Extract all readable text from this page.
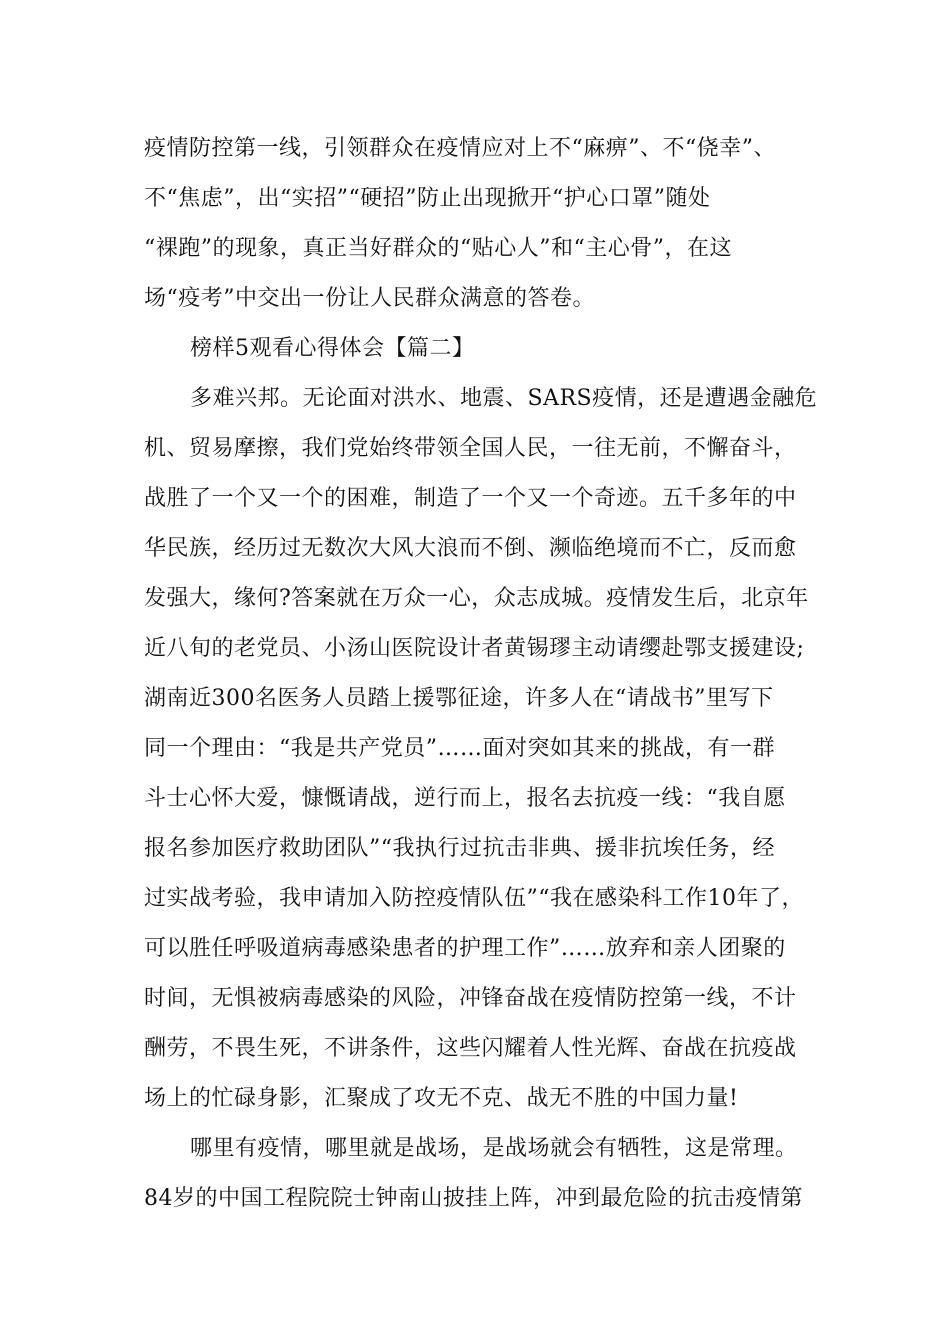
疫情防控第一线，引领群众在疫情应对上不“麻痹”、不“侥幸”、
不“焦虑”，出“实招”“硬招”防止出现掀开“护心口罩”随处
“裸跑”的现象，真正当好群众的“贴心人”和“主心骨”，在这
场“疫考”中交出一份让人民群众满意的答卷。
榜样5观看心得体会【篇二】
多难兴邦。无论面对洪水、地震、SARS疫情，还是遭遇金融危
机、贸易摩擦，我们党始终带领全国人民，一往无前，不懈奋斗，
战胜了一个又一个的困难，制造了一个又一个奇迹。五千多年的中
华民族，经历过无数次大风大浪而不倒、濒临绝境而不亡，反而愈
发强大，缘何?答案就在万众一心，众志成城。疫情发生后，北京年
近八旬的老党员、小汤山医院设计者黄锡璆主动请缨赴鄂支援建设;
湖南近300名医务人员踏上援鄂征途，许多人在“请战书”里写下
同一个理由：“我是共产党员”……面对突如其来的挑战，有一群
斗士心怀大爱，慷慨请战，逆行而上，报名去抗疫一线：“我自愿
报名参加医疗救助团队”“我执行过抗击非典、援非抗埃任务，经
过实战考验，我申请加入防控疫情队伍”“我在感染科工作10年了，
可以胜任呼吸道病毒感染患者的护理工作”……放弃和亲人团聚的
时间，无惧被病毒感染的风险，冲锋奋战在疫情防控第一线，不计
酬劳，不畏生死，不讲条件，这些闪耀着人性光辉、奋战在抗疫战
场上的忙碌身影，汇聚成了攻无不克、战无不胜的中国力量!
哪里有疫情，哪里就是战场，是战场就会有牺牲，这是常理。
84岁的中国工程院院士钟南山披挂上阵，冲到最危险的抗击疫情第
